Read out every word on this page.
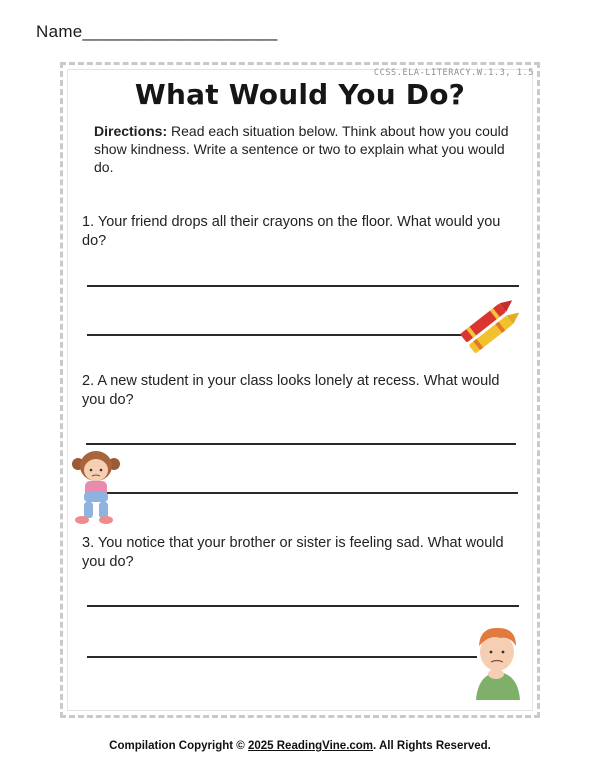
Name____________________
CCSS.ELA-LITERACY.W.1.3, 1.5
What Would You Do?
Directions: Read each situation below. Think about how you could show kindness. Write a sentence or two to explain what you would do.
1. Your friend drops all their crayons on the floor. What would you do?
2. A new student in your class looks lonely at recess. What would you do?
3. You notice that your brother or sister is feeling sad. What would you do?
Compilation Copyright © 2025 ReadingVine.com. All Rights Reserved.
